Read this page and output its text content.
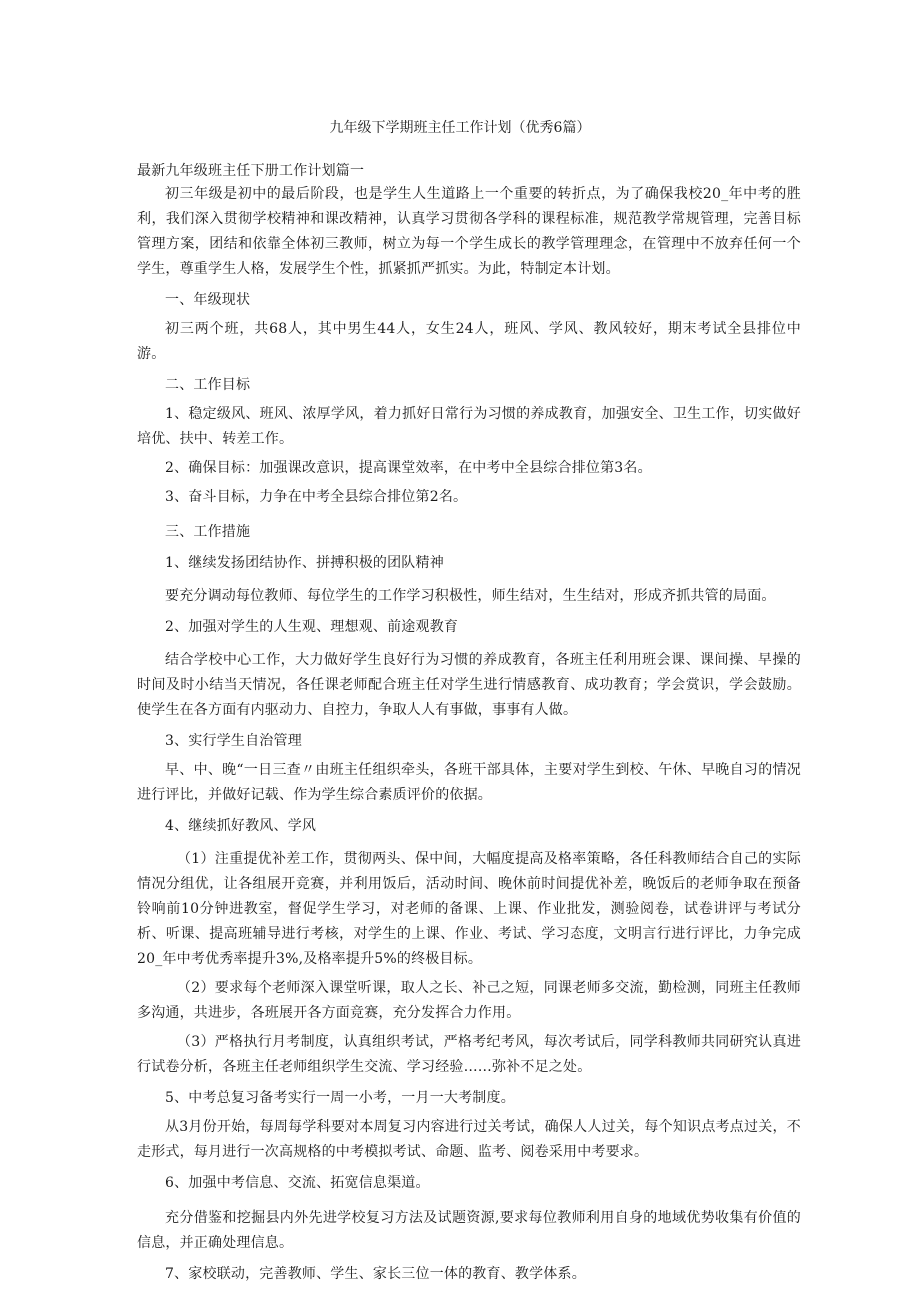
九年级下学期班主任工作计划（优秀6篇）

最新九年级班主任下册工作计划篇一

初三年级是初中的最后阶段，也是学生人生道路上一个重要的转折点，为了确保我校20_年中考的胜利，我们深入贯彻学校精神和课改精神，认真学习贯彻各学科的课程标准，规范教学常规管理，完善目标管理方案，团结和依靠全体初三教师，树立为每一个学生成长的教学管理理念，在管理中不放弃任何一个学生，尊重学生人格，发展学生个性，抓紧抓严抓实。为此，特制定本计划。

一、年级现状

初三两个班，共68人，其中男生44人，女生24人，班风、学风、教风较好，期末考试全县排位中游。

二、工作目标

1、稳定级风、班风、浓厚学风，着力抓好日常行为习惯的养成教育，加强安全、卫生工作，切实做好培优、扶中、转差工作。

2、确保目标：加强课改意识，提高课堂效率，在中考中全县综合排位第3名。

3、奋斗目标，力争在中考全县综合排位第2名。

三、工作措施

1、继续发扬团结协作、拼搏积极的团队精神

要充分调动每位教师、每位学生的工作学习积极性，师生结对，生生结对，形成齐抓共管的局面。

2、加强对学生的人生观、理想观、前途观教育

结合学校中心工作，大力做好学生良好行为习惯的养成教育，各班主任利用班会课、课间操、早操的时间及时小结当天情况，各任课老师配合班主任对学生进行情感教育、成功教育；学会赏识，学会鼓励。使学生在各方面有内驱动力、自控力，争取人人有事做，事事有人做。

3、实行学生自治管理

早、中、晚“一日三查〃由班主任组织牵头，各班干部具体，主要对学生到校、午休、早晚自习的情况进行评比，并做好记载、作为学生综合素质评价的依据。

4、继续抓好教风、学风

（1）注重提优补差工作，贯彻两头、保中间，大幅度提高及格率策略，各任科教师结合自己的实际情况分组优，让各组展开竞赛，并利用饭后，活动时间、晚休前时间提优补差，晚饭后的老师争取在预备铃响前10分钟进教室，督促学生学习，对老师的备课、上课、作业批发，测验阅卷，试卷讲评与考试分析、听课、提高班辅导进行考核，对学生的上课、作业、考试、学习态度，文明言行进行评比，力争完成20_年中考优秀率提升3%,及格率提升5%的终极目标。

（2）要求每个老师深入课堂听课，取人之长、补己之短，同课老师多交流，勤检测，同班主任教师多沟通，共进步，各班展开各方面竞赛，充分发挥合力作用。

（3）严格执行月考制度，认真组织考试，严格考纪考风，每次考试后，同学科教师共同研究认真进行试卷分析，各班主任老师组织学生交流、学习经验……弥补不足之处。

5、中考总复习备考实行一周一小考，一月一大考制度。

从3月份开始，每周每学科要对本周复习内容进行过关考试，确保人人过关，每个知识点考点过关，不走形式，每月进行一次高规格的中考模拟考试、命题、监考、阅卷采用中考要求。

6、加强中考信息、交流、拓宽信息渠道。

充分借鉴和挖掘县内外先进学校复习方法及试题资源,要求每位教师利用自身的地域优势收集有价值的信息，并正确处理信息。

7、家校联动，完善教师、学生、家长三位一体的教育、教学体系。
